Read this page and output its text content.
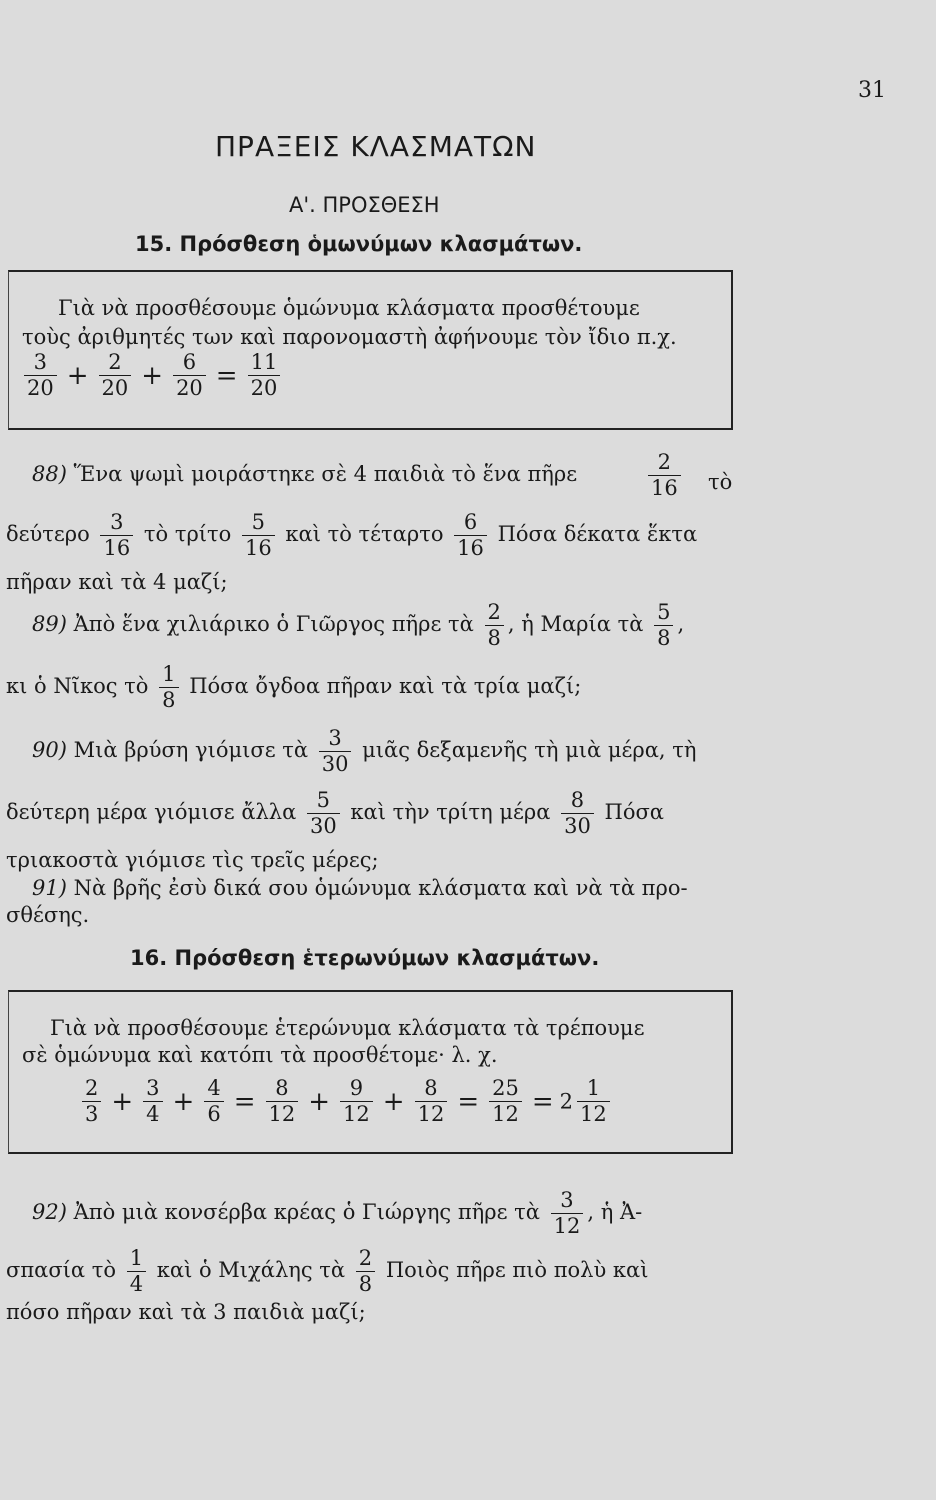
31
ΠΡΑΞΕΙΣ ΚΛΑΣΜΑΤΩΝ
Α'. ΠΡΟΣΘΕΣΗ
15. Πρόσθεση ὁμωνύμων κλασμάτων.
Γιὰ νὰ προσθέσουμε ὁμώνυμα κλάσματα προσθέτουμε
τοὺς ἀριθμητές των καὶ παρονομαστὴ ἀφήνουμε τὸν ἴδιο π.χ.
$\frac{3}{20} + \frac{2}{20} + \frac{6}{20} = \frac{11}{20}$
88) Ἕνα ψωμὶ μοιράστηκε σὲ 4 παιδιὰ τὸ ἕνα πῆρε	$\frac{2}{16}$ τὸ
δεύτερο $\frac{3}{16}$ τὸ τρίτο $\frac{5}{16}$ καὶ τὸ τέταρτο $\frac{6}{16}$ Πόσα δέκατα ἕκτα
πῆραν καὶ τὰ 4 μαζί;
89) Ἀπὸ ἕνα χιλιάρικο ὁ Γιῶργος πῆρε τὰ $\frac{2}{8}$ , ἡ Μαρία τὰ $\frac{5}{8}$ ,
κι ὁ Νῖκος τὸ $\frac{1}{8}$ Πόσα ὄγδοα πῆραν καὶ τὰ τρία μαζί;
90) Μιὰ βρύση γιόμισε τὰ $\frac{3}{30}$ μιᾶς δεξαμενῆς τὴ μιὰ μέρα, τὴ
δεύτερη μέρα γιόμισε ἄλλα $\frac{5}{30}$ καὶ τὴν τρίτη μέρα $\frac{8}{30}$ Πόσα
τριακοστὰ γιόμισε τὶς τρεῖς μέρες;
91) Νὰ βρῆς ἐσὺ δικά σου ὁμώνυμα κλάσματα καὶ νὰ τὰ προ-
σθέσης.
16. Πρόσθεση ἑτερωνύμων κλασμάτων.
Γιὰ νὰ προσθέσουμε ἑτερώνυμα κλάσματα τὰ τρέπουμε
σὲ ὁμώνυμα καὶ κατόπι τὰ προσθέτομε· λ. χ.
$\frac{2}{3} + \frac{3}{4} + \frac{4}{6} = \frac{8}{12} + \frac{9}{12} + \frac{8}{12} = \frac{25}{12} = 2 \frac{1}{12}$
92) Ἀπὸ μιὰ κονσέρβα κρέας ὁ Γιώργης πῆρε τὰ $\frac{3}{12}$ , ἡ Ἀ-
σπασία τὸ $\frac{1}{4}$ καὶ ὁ Μιχάλης τὰ $\frac{2}{8}$ Ποιὸς πῆρε πιὸ πολὺ καὶ
πόσο πῆραν καὶ τὰ 3 παιδιὰ μαζί;
